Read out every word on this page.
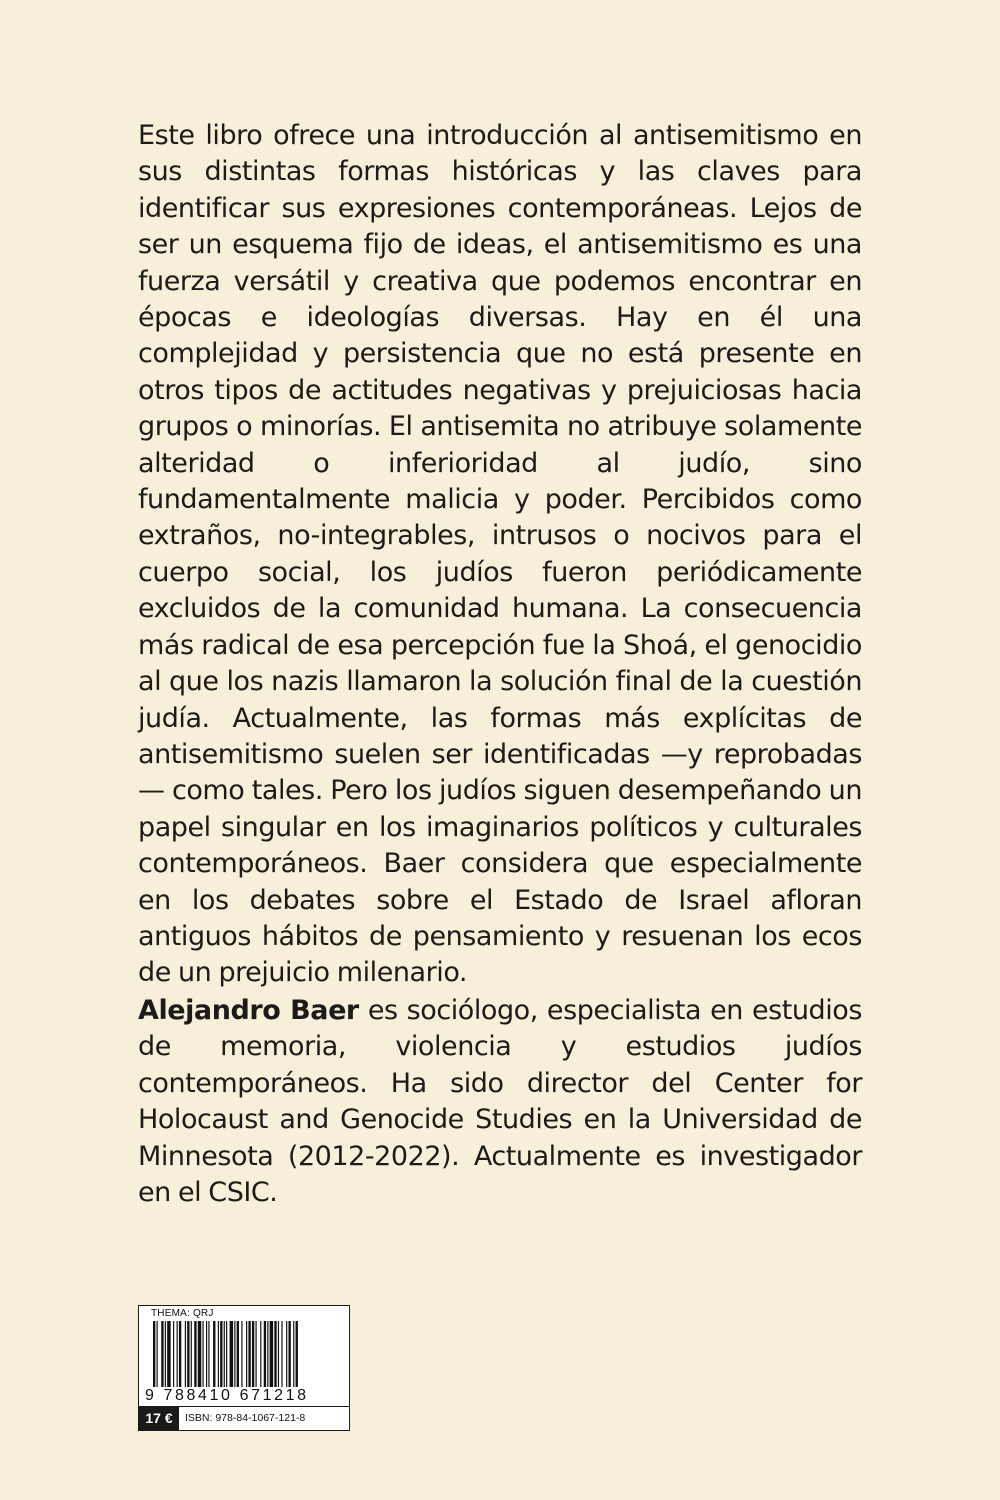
Este libro ofrece una introducción al antisemitismo en sus distintas formas históricas y las claves para identificar sus expresiones contemporáneas. Lejos de ser un esquema fijo de ideas, el antisemitismo es una fuerza versátil y creativa que podemos encontrar en épocas e ideologías diversas. Hay en él una complejidad y persistencia que no está presente en otros tipos de actitudes negativas y prejuiciosas hacia grupos o minorías. El antisemita no atribuye solamente alteridad o inferioridad al judío, sino fundamentalmente malicia y poder. Percibidos como extraños, no-integrables, intrusos o nocivos para el cuerpo social, los judíos fueron periódicamente excluidos de la comunidad humana. La consecuencia más radical de esa percepción fue la Shoá, el genocidio al que los nazis llamaron la solución final de la cuestión judía. Actualmente, las formas más explícitas de antisemitismo suelen ser identificadas —y reprobadas— como tales. Pero los judíos siguen desempeñando un papel singular en los imaginarios políticos y culturales contemporáneos. Baer considera que especialmente en los debates sobre el Estado de Israel afloran antiguos hábitos de pensamiento y resuenan los ecos de un prejuicio milenario.

Alejandro Baer es sociólogo, especialista en estudios de memoria, violencia y estudios judíos contemporáneos. Ha sido director del Center for Holocaust and Genocide Studies en la Universidad de Minnesota (2012-2022). Actualmente es investigador en el CSIC.

THEMA: QRJ
9 788410 671218
17 €	ISBN: 978-84-1067-121-8
